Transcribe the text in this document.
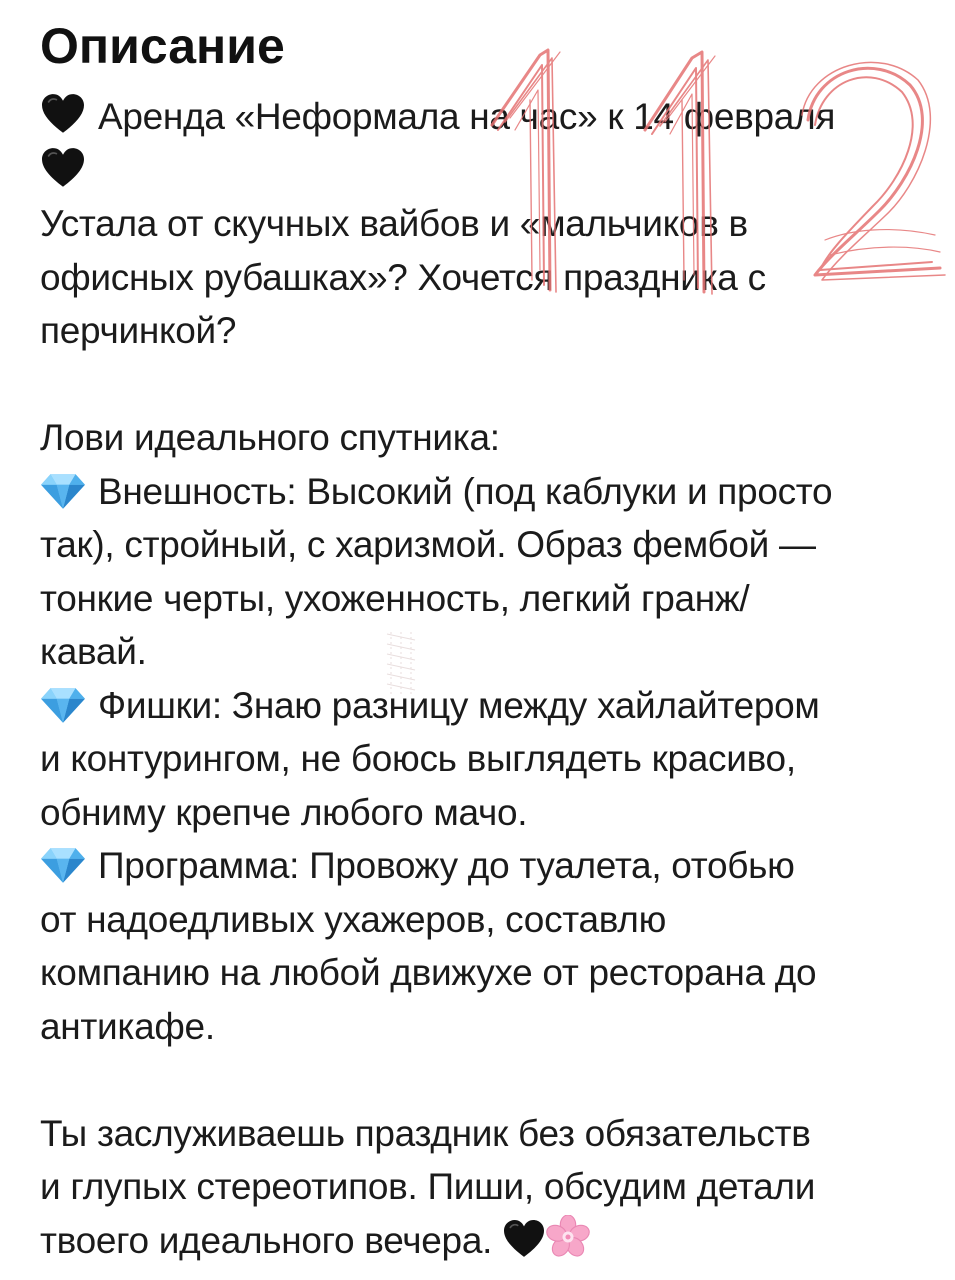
Описание
Аренда «Неформала на час» к 14 февраля
Устала от скучных вайбов и «мальчиков в
офисных рубашках»? Хочется праздника с
перчинкой?
Лови идеального спутника:
Внешность: Высокий (под каблуки и просто
так), стройный, с харизмой. Образ фембой —
тонкие черты, ухоженность, легкий гранж/
кавай.
Фишки: Знаю разницу между хайлайтером
и контурингом, не боюсь выглядеть красиво,
обниму крепче любого мачо.
Программа: Провожу до туалета, отобью
от надоедливых ухажеров, составлю
компанию на любой движухе от ресторана до
антикафе.
Ты заслуживаешь праздник без обязательств
и глупых стереотипов. Пиши, обсудим детали
твоего идеального вечера.
